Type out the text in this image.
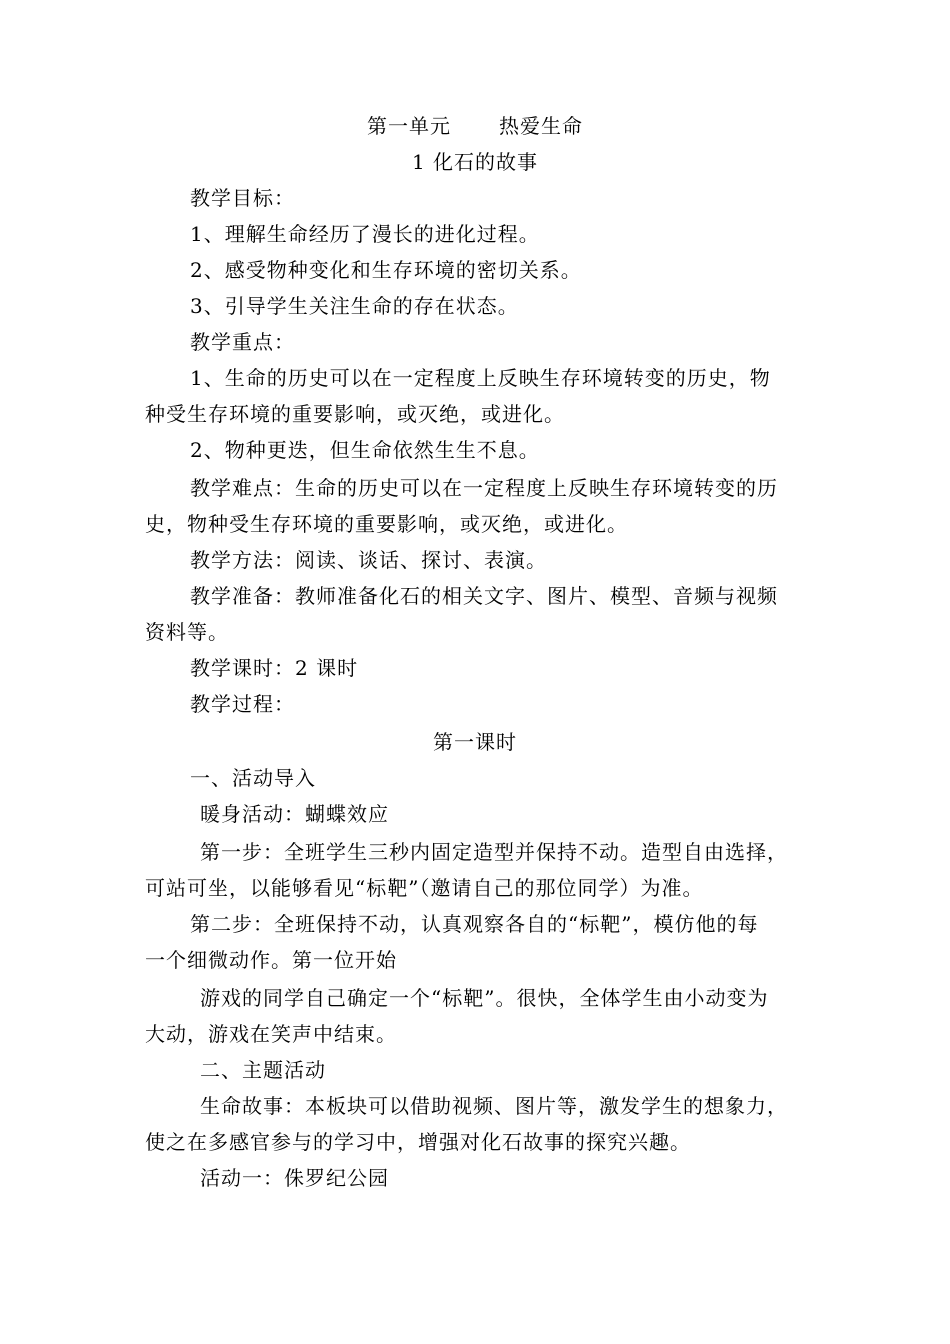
第一单元 热爱生命
1 化石的故事
教学目标：
1、理解生命经历了漫长的进化过程。
2、感受物种变化和生存环境的密切关系。
3、引导学生关注生命的存在状态。
教学重点：
1、生命的历史可以在一定程度上反映生存环境转变的历史，物
种受生存环境的重要影响，或灭绝，或进化。
2、物种更迭，但生命依然生生不息。
教学难点：生命的历史可以在一定程度上反映生存环境转变的历
史，物种受生存环境的重要影响，或灭绝，或进化。
教学方法：阅读、谈话、探讨、表演。
教学准备：教师准备化石的相关文字、图片、模型、音频与视频
资料等。
教学课时：2 课时
教学过程：
第一课时
一、活动导入
暖身活动：蝴蝶效应
第一步：全班学生三秒内固定造型并保持不动。造型自由选择，
可站可坐，以能够看见“标靶”（邀请自己的那位同学）为准。
第二步：全班保持不动，认真观察各自的“标靶”，模仿他的每
一个细微动作。第一位开始
游戏的同学自己确定一个“标靶”。很快，全体学生由小动变为
大动，游戏在笑声中结束。
二、主题活动
生命故事：本板块可以借助视频、图片等，激发学生的想象力，
使之在多感官参与的学习中，增强对化石故事的探究兴趣。
活动一：侏罗纪公园
